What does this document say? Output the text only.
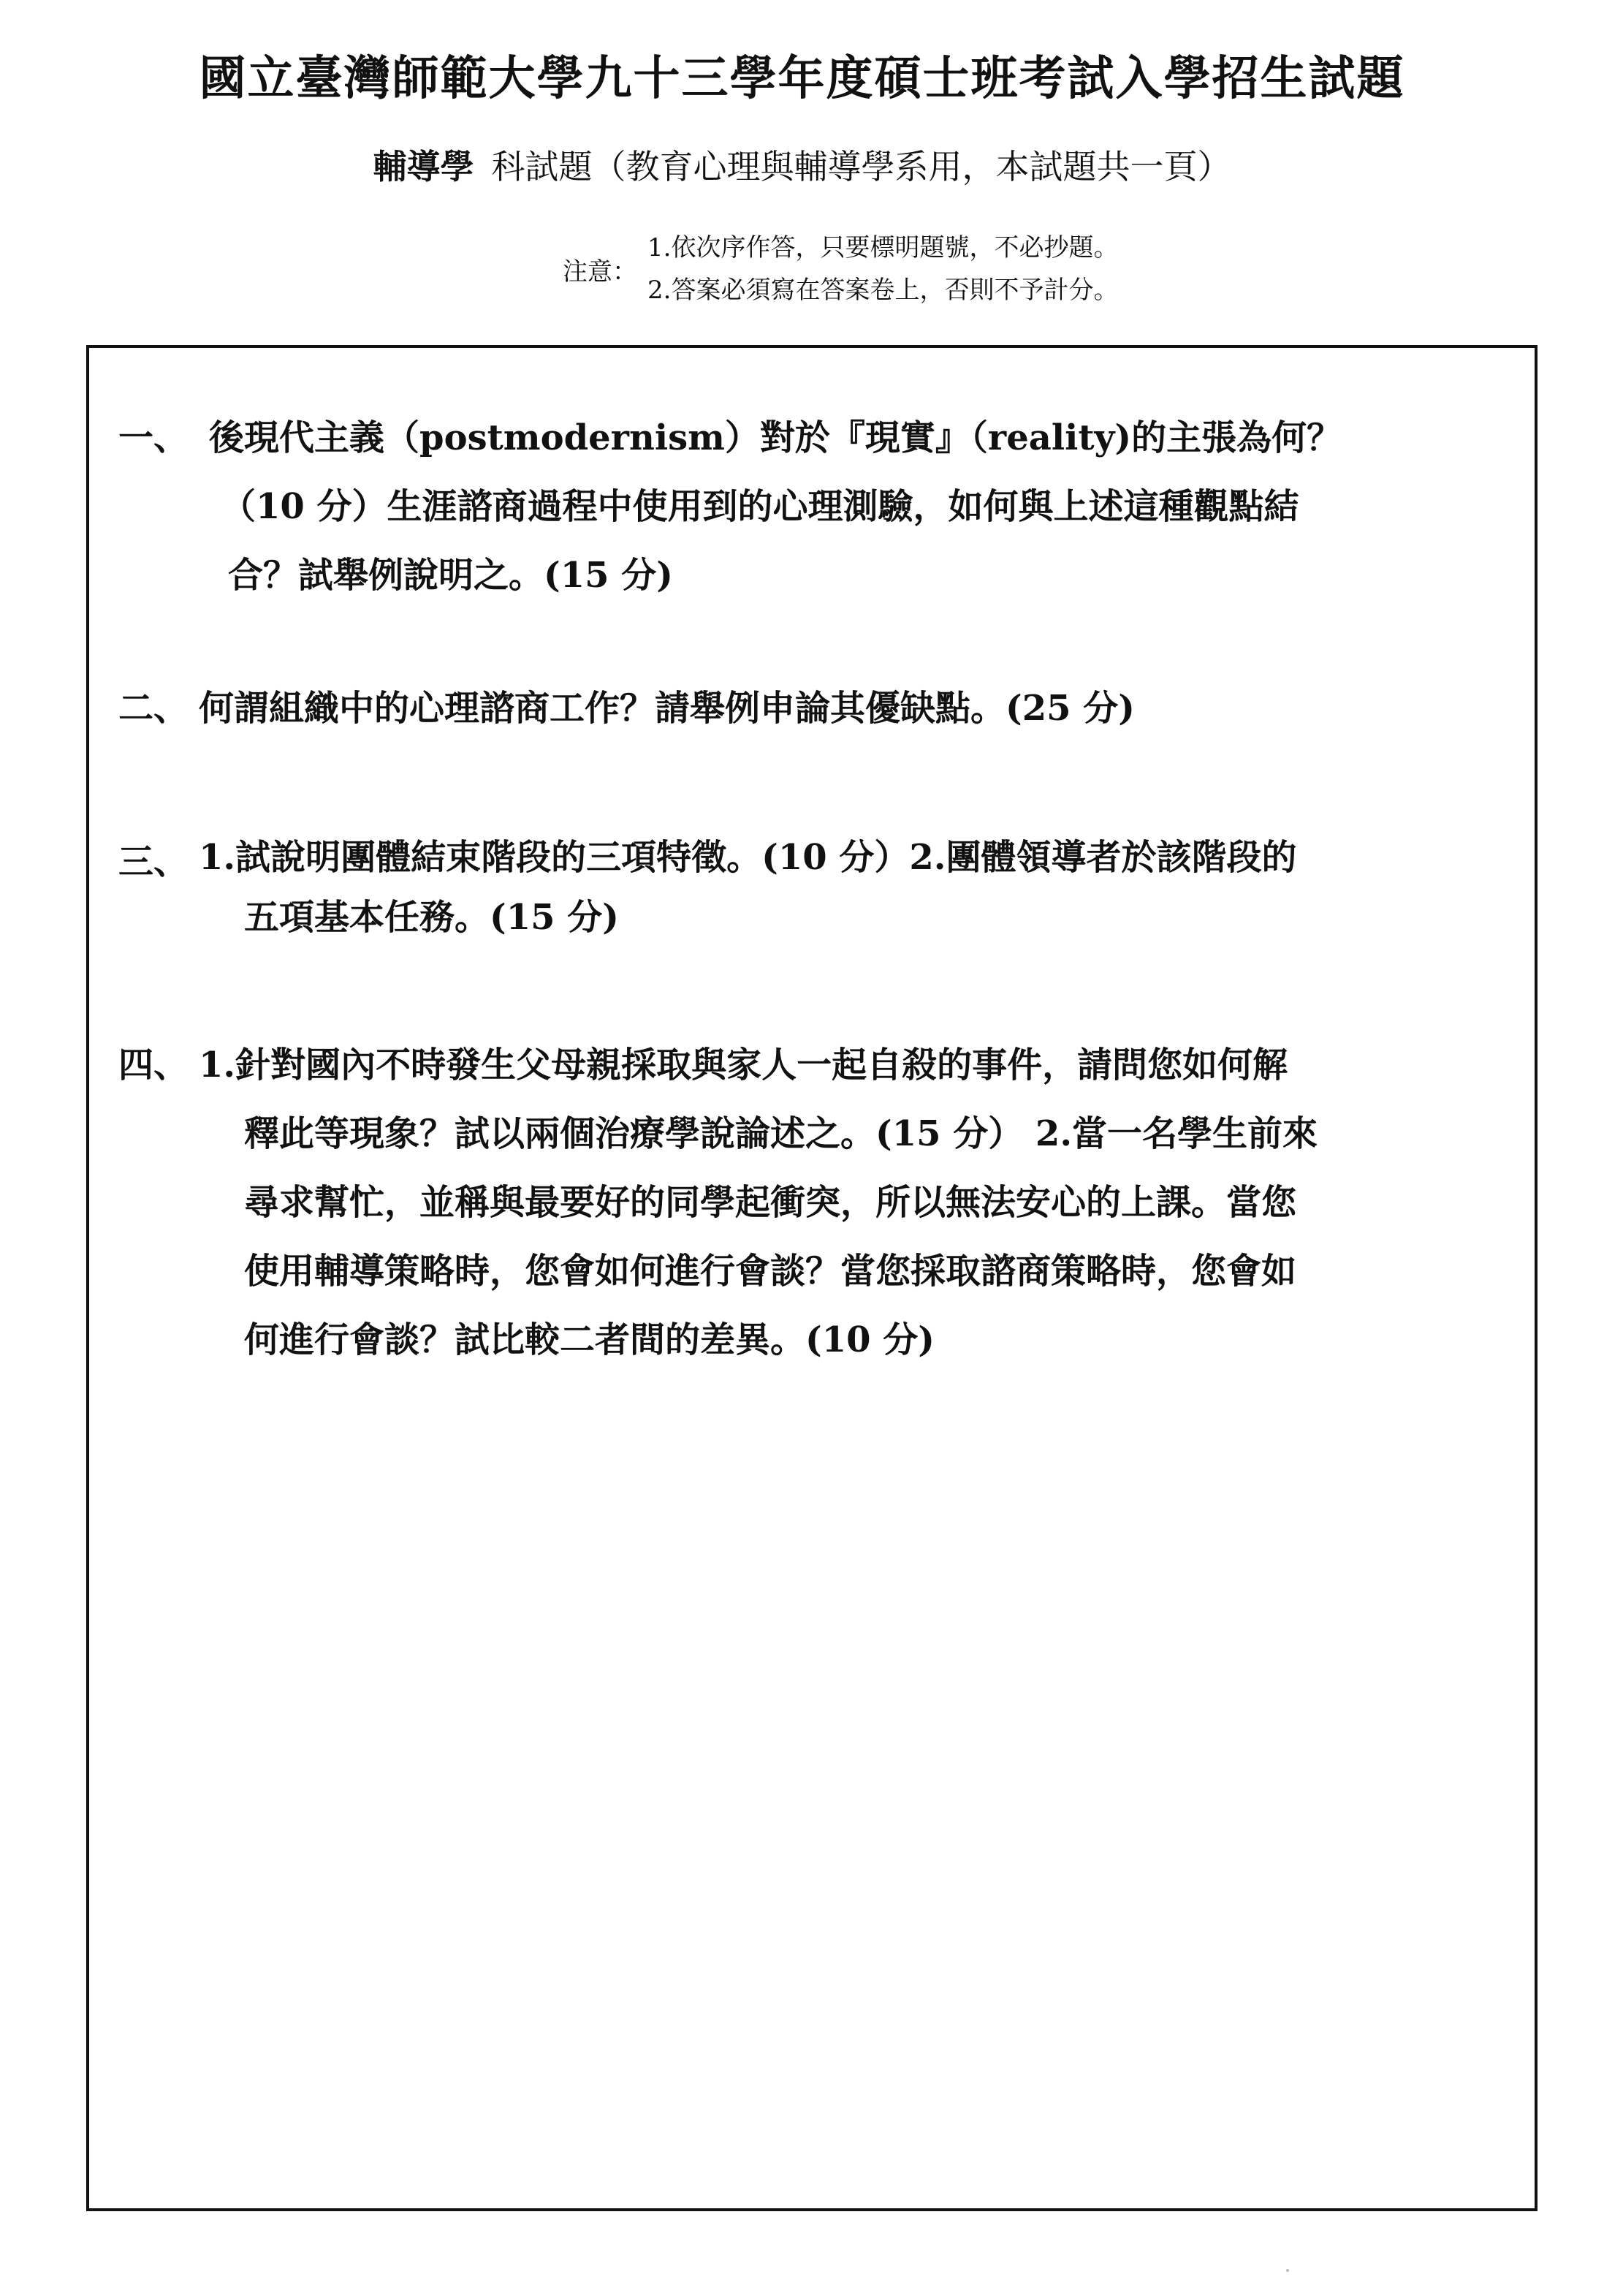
國立臺灣師範大學九十三學年度碩士班考試入學招生試題
輔導學 科試題（教育心理與輔導學系用，本試題共一頁）
注意：
1.依次序作答，只要標明題號，不必抄題。
2.答案必須寫在答案卷上，否則不予計分。
一、 後現代主義（postmodernism）對於『現實』（reality)的主張為何？
（10 分）生涯諮商過程中使用到的心理測驗，如何與上述這種觀點結
合？試舉例說明之。(15 分)
二、 何謂組織中的心理諮商工作？請舉例申論其優缺點。(25 分)
三、 1.試說明團體結束階段的三項特徵。(10 分）2.團體領導者於該階段的
五項基本任務。(15 分)
四、 1.針對國內不時發生父母親採取與家人一起自殺的事件，請問您如何解
釋此等現象？試以兩個治療學說論述之。(15 分） 2.當一名學生前來
尋求幫忙，並稱與最要好的同學起衝突，所以無法安心的上課。當您
使用輔導策略時，您會如何進行會談？當您採取諮商策略時，您會如
何進行會談？試比較二者間的差異。(10 分)
